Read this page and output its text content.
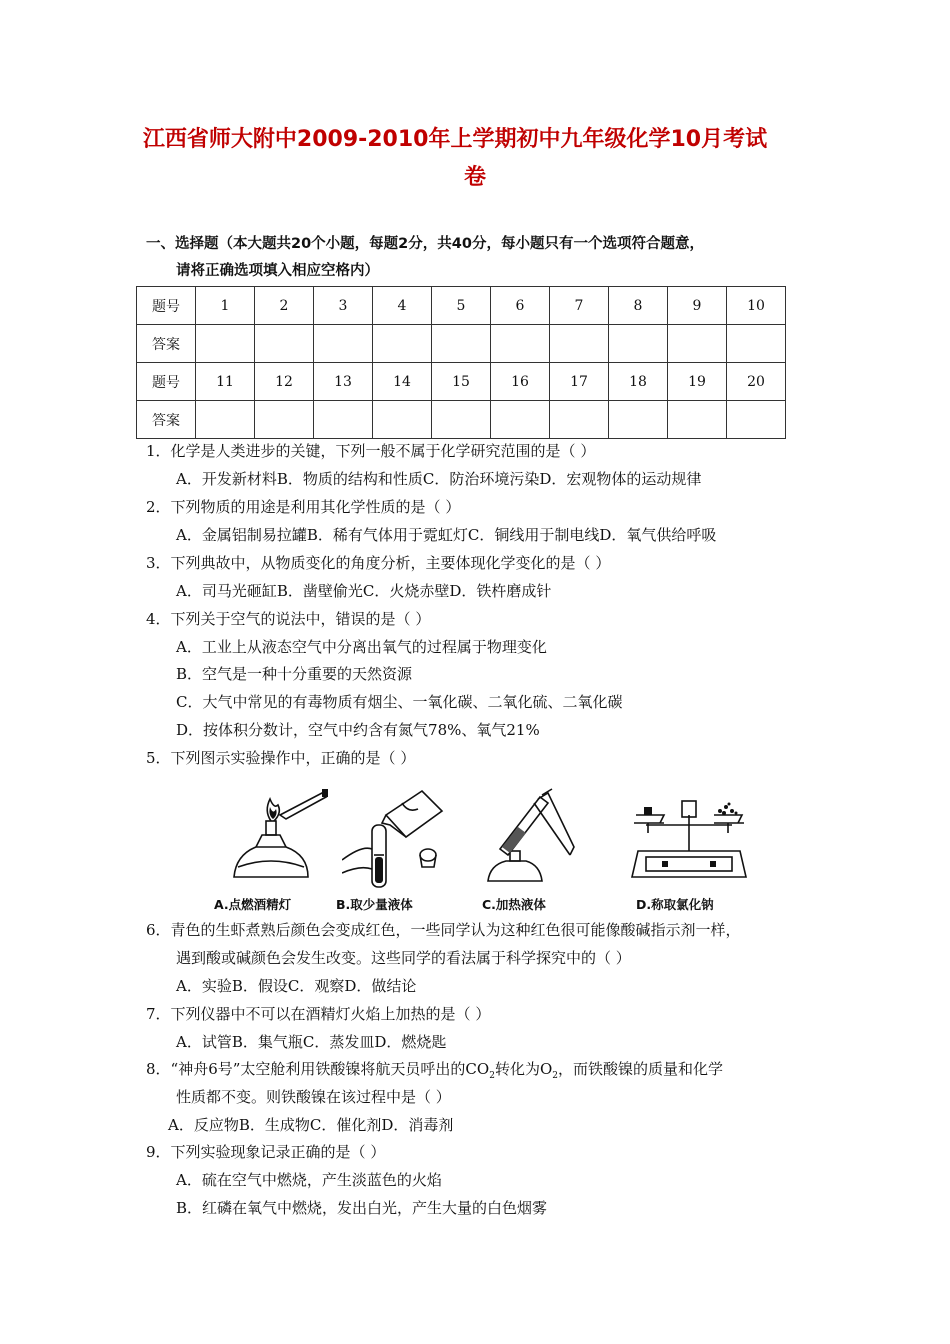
江西省师大附中2009-2010年上学期初中九年级化学10月考试
卷
一、选择题（本大题共20个小题，每题2分，共40分，每小题只有一个选项符合题意，
请将正确选项填入相应空格内）
题号	1	2	3	4	5	6	7	8	9	10
答案										
题号	11	12	13	14	15	16	17	18	19	20
答案										
1．化学是人类进步的关键，下列一般不属于化学研究范围的是（ ）
A．开发新材料B．物质的结构和性质C．防治环境污染D．宏观物体的运动规律
2．下列物质的用途是利用其化学性质的是（ ）
A．金属铝制易拉罐B．稀有气体用于霓虹灯C．铜线用于制电线D．氧气供给呼吸
3．下列典故中，从物质变化的角度分析，主要体现化学变化的是（ ）
A．司马光砸缸B．凿壁偷光C．火烧赤壁D．铁杵磨成针
4．下列关于空气的说法中，错误的是（ ）
A．工业上从液态空气中分离出氧气的过程属于物理变化
B．空气是一种十分重要的天然资源
C．大气中常见的有毒物质有烟尘、一氧化碳、二氧化硫、二氧化碳
D．按体积分数计，空气中约含有氮气78%、氧气21%
5．下列图示实验操作中，正确的是（ ）
A.点燃酒精灯	B.取少量液体	C.加热液体	D.称取氯化钠
6．青色的生虾煮熟后颜色会变成红色，一些同学认为这种红色很可能像酸碱指示剂一样，
遇到酸或碱颜色会发生改变。这些同学的看法属于科学探究中的（ ）
A．实验B．假设C．观察D．做结论
7．下列仪器中不可以在酒精灯火焰上加热的是（ ）
A．试管B．集气瓶C．蒸发皿D．燃烧匙
8．“神舟6号”太空舱利用铁酸镍将航天员呼出的$CO_2$转化为$O_2$，而铁酸镍的质量和化学
性质都不变。则铁酸镍在该过程中是（ ）
A．反应物B．生成物C．催化剂D．消毒剂
9．下列实验现象记录正确的是（ ）
A．硫在空气中燃烧，产生淡蓝色的火焰
B．红磷在氧气中燃烧，发出白光，产生大量的白色烟雾
